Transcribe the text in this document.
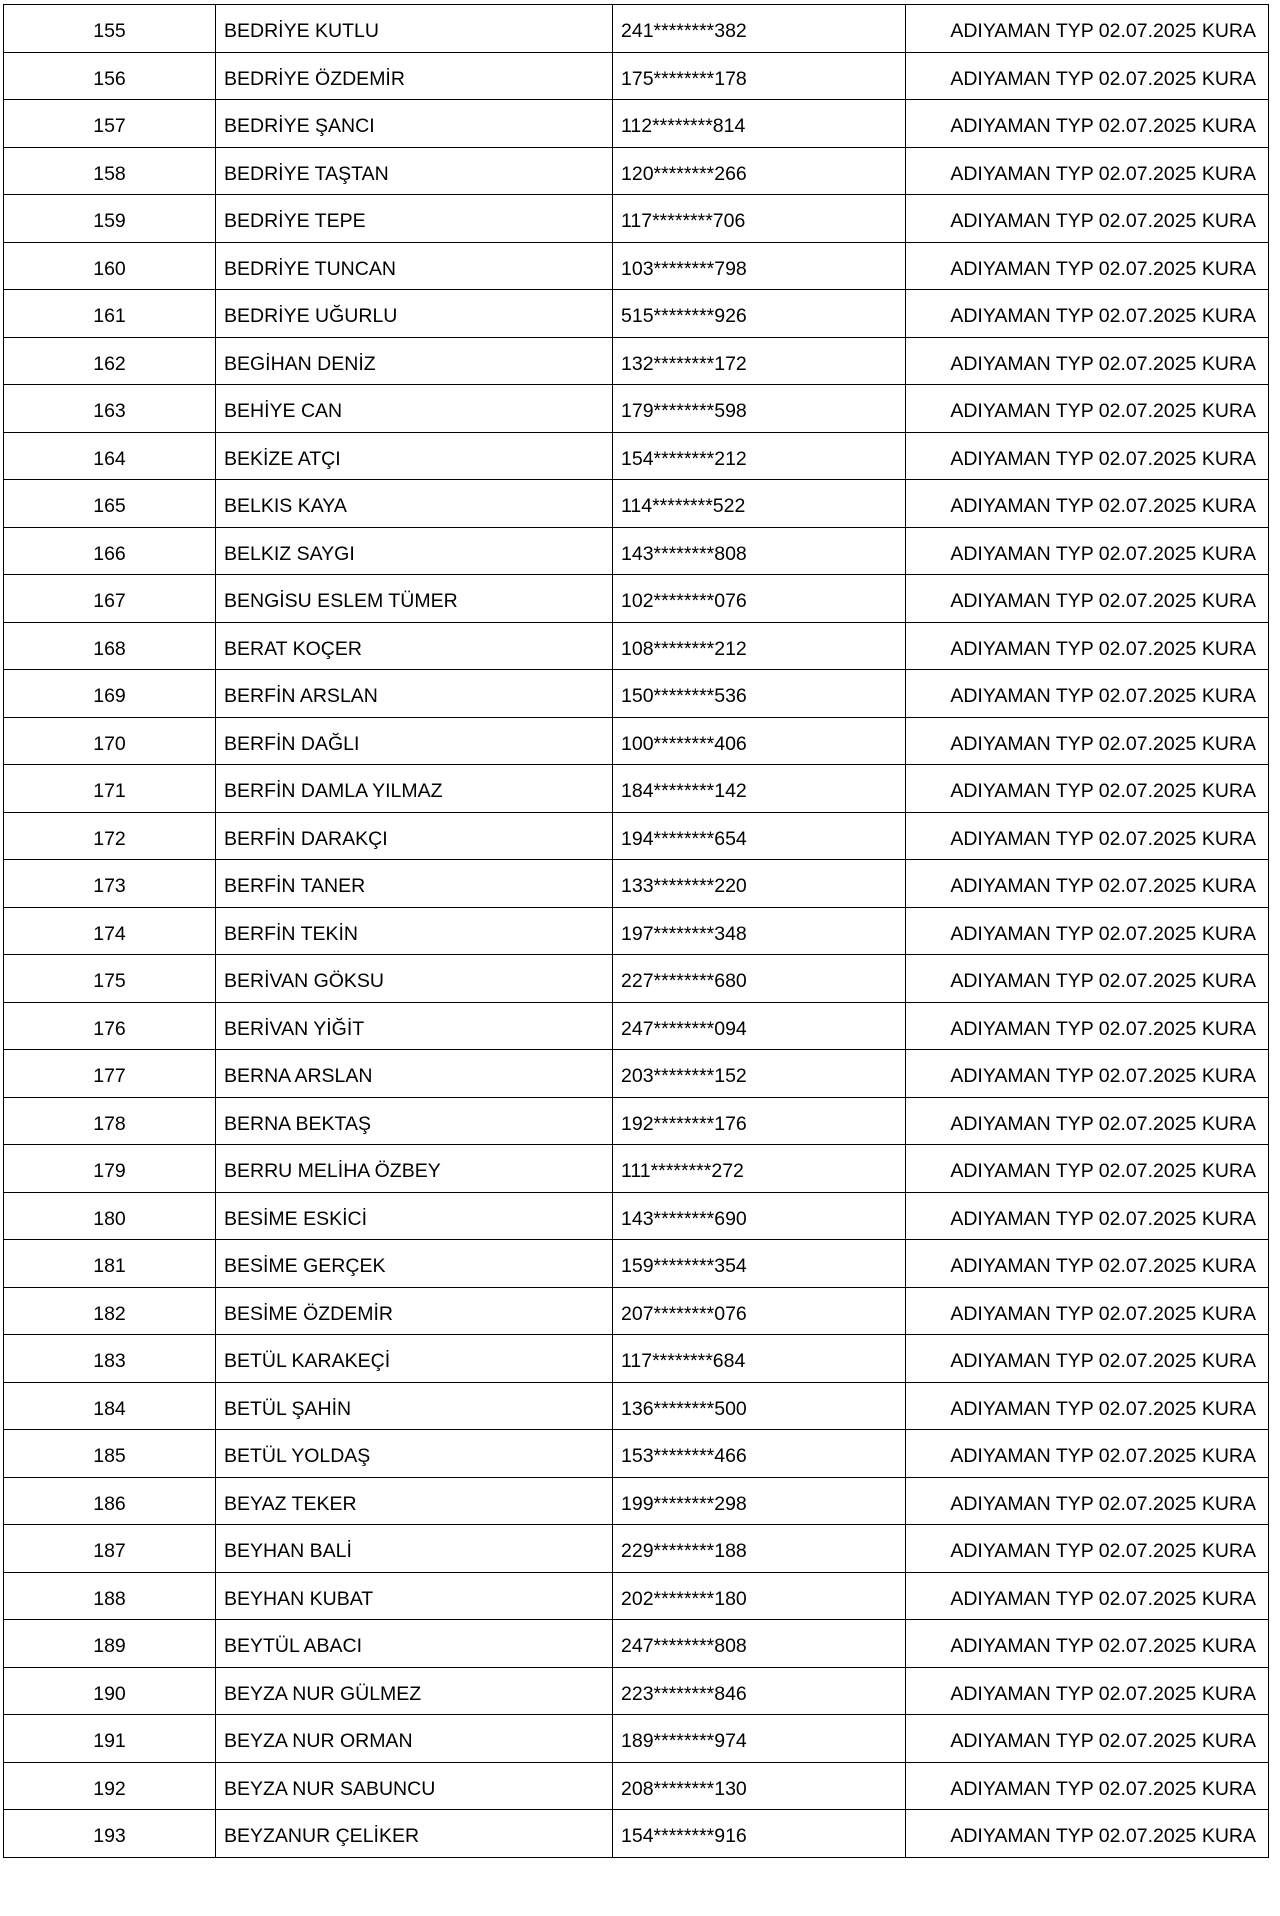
155	BEDRİYE KUTLU	241********382	ADIYAMAN TYP 02.07.2025 KURA
156	BEDRİYE ÖZDEMİR	175********178	ADIYAMAN TYP 02.07.2025 KURA
157	BEDRİYE ŞANCI	112********814	ADIYAMAN TYP 02.07.2025 KURA
158	BEDRİYE TAŞTAN	120********266	ADIYAMAN TYP 02.07.2025 KURA
159	BEDRİYE TEPE	117********706	ADIYAMAN TYP 02.07.2025 KURA
160	BEDRİYE TUNCAN	103********798	ADIYAMAN TYP 02.07.2025 KURA
161	BEDRİYE UĞURLU	515********926	ADIYAMAN TYP 02.07.2025 KURA
162	BEGİHAN DENİZ	132********172	ADIYAMAN TYP 02.07.2025 KURA
163	BEHİYE CAN	179********598	ADIYAMAN TYP 02.07.2025 KURA
164	BEKİZE ATÇI	154********212	ADIYAMAN TYP 02.07.2025 KURA
165	BELKIS KAYA	114********522	ADIYAMAN TYP 02.07.2025 KURA
166	BELKIZ SAYGI	143********808	ADIYAMAN TYP 02.07.2025 KURA
167	BENGİSU ESLEM TÜMER	102********076	ADIYAMAN TYP 02.07.2025 KURA
168	BERAT KOÇER	108********212	ADIYAMAN TYP 02.07.2025 KURA
169	BERFİN ARSLAN	150********536	ADIYAMAN TYP 02.07.2025 KURA
170	BERFİN DAĞLI	100********406	ADIYAMAN TYP 02.07.2025 KURA
171	BERFİN DAMLA YILMAZ	184********142	ADIYAMAN TYP 02.07.2025 KURA
172	BERFİN DARAKÇI	194********654	ADIYAMAN TYP 02.07.2025 KURA
173	BERFİN TANER	133********220	ADIYAMAN TYP 02.07.2025 KURA
174	BERFİN TEKİN	197********348	ADIYAMAN TYP 02.07.2025 KURA
175	BERİVAN GÖKSU	227********680	ADIYAMAN TYP 02.07.2025 KURA
176	BERİVAN YİĞİT	247********094	ADIYAMAN TYP 02.07.2025 KURA
177	BERNA ARSLAN	203********152	ADIYAMAN TYP 02.07.2025 KURA
178	BERNA BEKTAŞ	192********176	ADIYAMAN TYP 02.07.2025 KURA
179	BERRU MELİHA ÖZBEY	111********272	ADIYAMAN TYP 02.07.2025 KURA
180	BESİME ESKİCİ	143********690	ADIYAMAN TYP 02.07.2025 KURA
181	BESİME GERÇEK	159********354	ADIYAMAN TYP 02.07.2025 KURA
182	BESİME ÖZDEMİR	207********076	ADIYAMAN TYP 02.07.2025 KURA
183	BETÜL KARAKEÇİ	117********684	ADIYAMAN TYP 02.07.2025 KURA
184	BETÜL ŞAHİN	136********500	ADIYAMAN TYP 02.07.2025 KURA
185	BETÜL YOLDAŞ	153********466	ADIYAMAN TYP 02.07.2025 KURA
186	BEYAZ TEKER	199********298	ADIYAMAN TYP 02.07.2025 KURA
187	BEYHAN BALİ	229********188	ADIYAMAN TYP 02.07.2025 KURA
188	BEYHAN KUBAT	202********180	ADIYAMAN TYP 02.07.2025 KURA
189	BEYTÜL ABACI	247********808	ADIYAMAN TYP 02.07.2025 KURA
190	BEYZA NUR GÜLMEZ	223********846	ADIYAMAN TYP 02.07.2025 KURA
191	BEYZA NUR ORMAN	189********974	ADIYAMAN TYP 02.07.2025 KURA
192	BEYZA NUR SABUNCU	208********130	ADIYAMAN TYP 02.07.2025 KURA
193	BEYZANUR ÇELİKER	154********916	ADIYAMAN TYP 02.07.2025 KURA
